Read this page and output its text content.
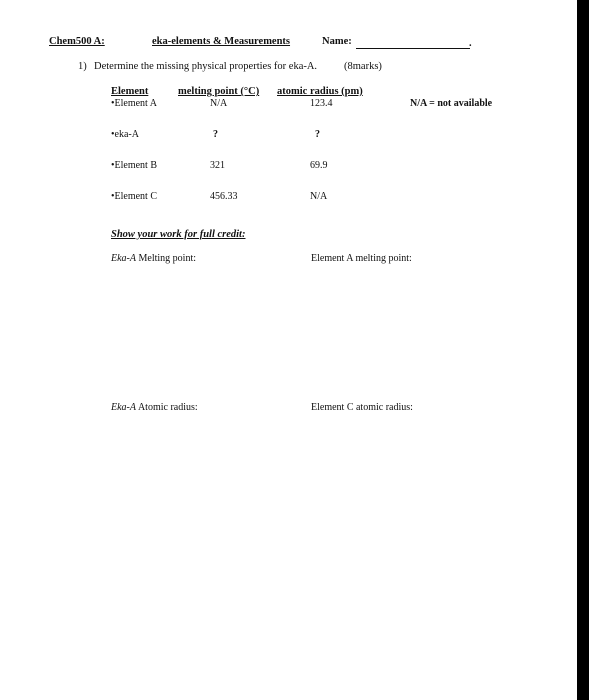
Chem500 A:	eka-elements & Measurements	Name:	.
1) Determine the missing physical properties for eka-A.	(8marks)
Element	melting point (°C) atomic radius (pm)
•Element A	N/A	123.4	N/A = not available
•eka-A	?	?
•Element B	321	69.9
•Element C	456.33	N/A
Show your work for full credit:
Eka-A Melting point:	Element A melting point:
Eka-A Atomic radius:	Element C atomic radius:
